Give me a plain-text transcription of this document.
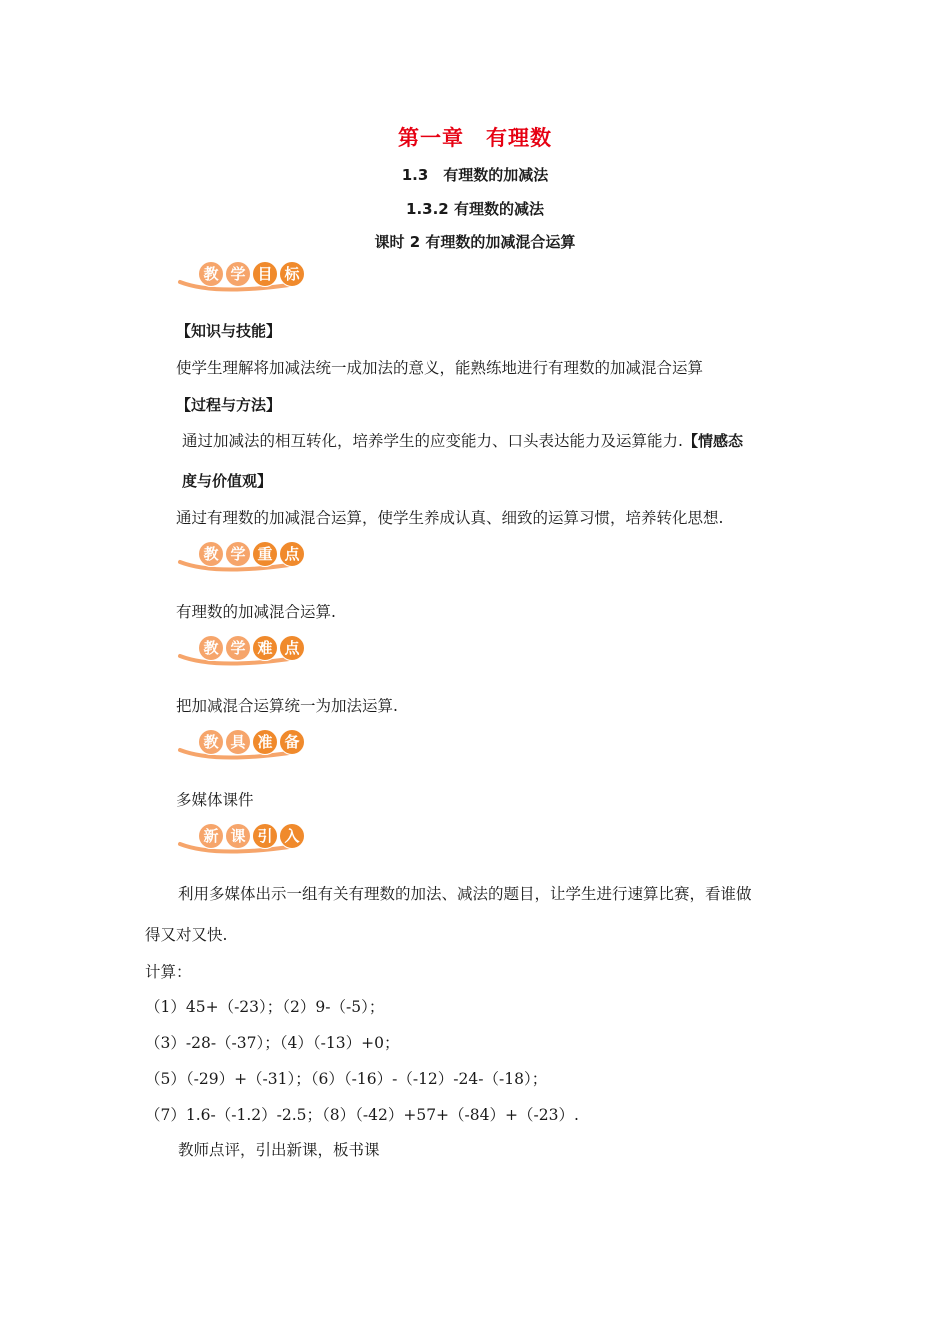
第一章　有理数
1.3　有理数的加减法
1.3.2 有理数的减法
课时 2 有理数的加减混合运算
教 学 目 标
【知识与技能】
使学生理解将加减法统一成加法的意义，能熟练地进行有理数的加减混合运算
【过程与方法】
通过加减法的相互转化，培养学生的应变能力、口头表达能力及运算能力.【情感态
度与价值观】
通过有理数的加减混合运算，使学生养成认真、细致的运算习惯，培养转化思想.
教 学 重 点
有理数的加减混合运算.
教 学 难 点
把加减混合运算统一为加法运算.
教 具 准 备
多媒体课件
新 课 引 入
利用多媒体出示一组有关有理数的加法、减法的题目，让学生进行速算比赛，看谁做
得又对又快.
计算：
（1）45+（-23）；（2）9-（-5）；
（3）-28-（-37）；（4）（-13）+0；
（5）（-29）+（-31）；（6）（-16）-（-12）-24-（-18）；
（7）1.6-（-1.2）-2.5；（8）（-42）+57+（-84）+（-23）.
教师点评，引出新课，板书课
